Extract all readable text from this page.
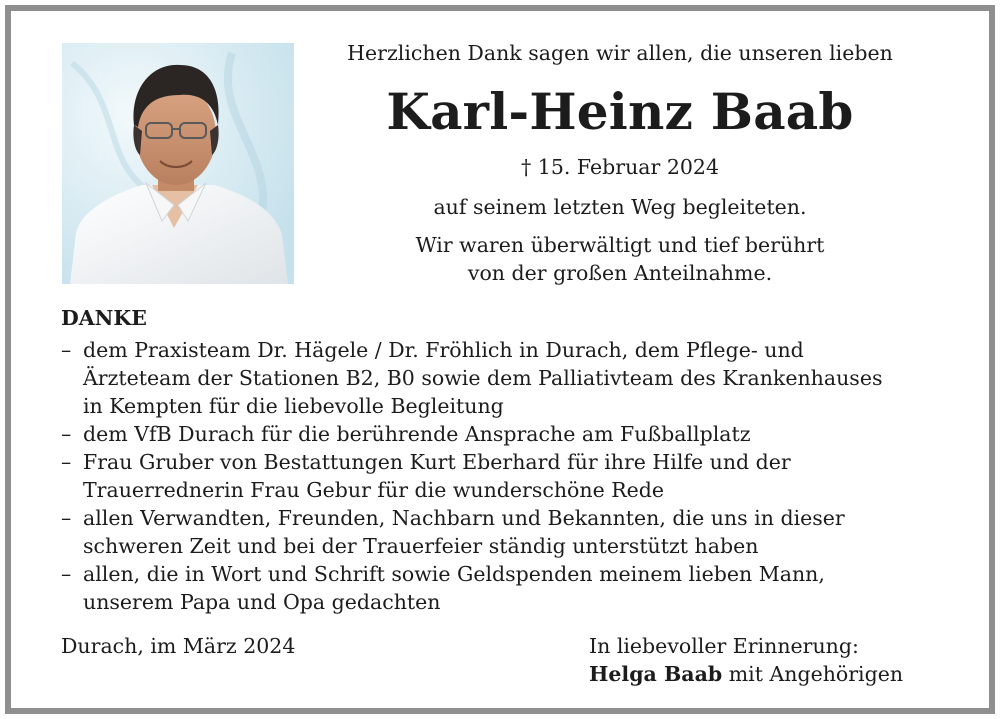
Herzlichen Dank sagen wir allen, die unseren lieben
Karl-Heinz Baab
† 15. Februar 2024
auf seinem letzten Weg begleiteten.
Wir waren überwältigt und tief berührt
von der großen Anteilnahme.
DANKE
– dem Praxisteam Dr. Hägele / Dr. Fröhlich in Durach, dem Pflege- und
Ärzteteam der Stationen B2, B0 sowie dem Palliativteam des Krankenhauses
in Kempten für die liebevolle Begleitung
– dem VfB Durach für die berührende Ansprache am Fußballplatz
– Frau Gruber von Bestattungen Kurt Eberhard für ihre Hilfe und der
Trauerrednerin Frau Gebur für die wunderschöne Rede
– allen Verwandten, Freunden, Nachbarn und Bekannten, die uns in dieser
schweren Zeit und bei der Trauerfeier ständig unterstützt haben
– allen, die in Wort und Schrift sowie Geldspenden meinem lieben Mann,
unserem Papa und Opa gedachten
Durach, im März 2024	In liebevoller Erinnerung:
Helga Baab mit Angehörigen
